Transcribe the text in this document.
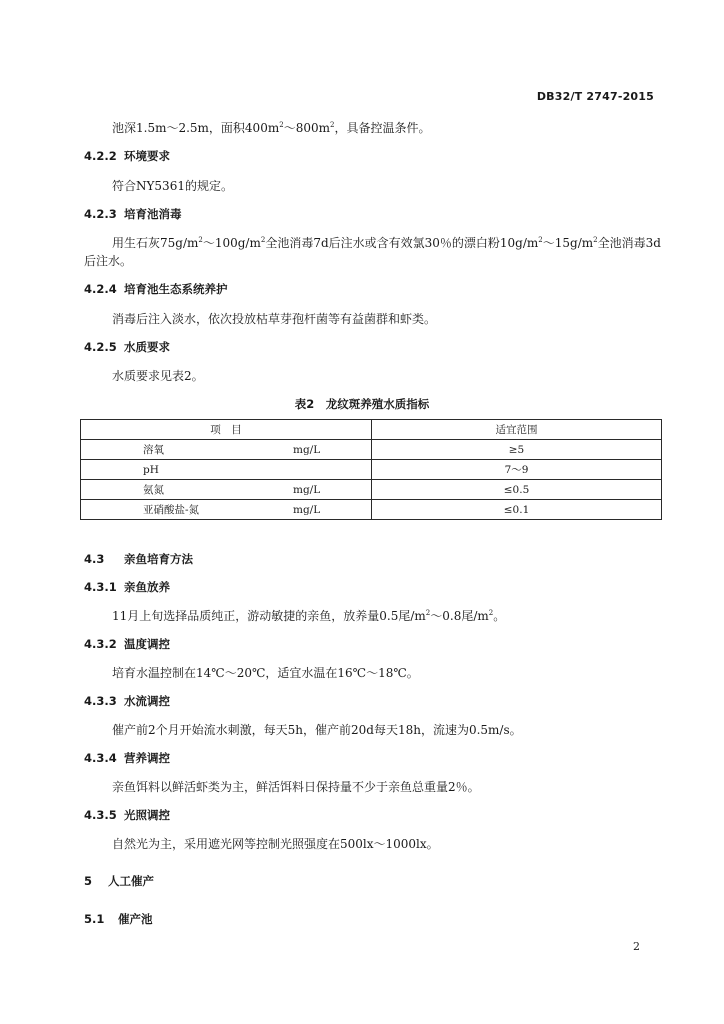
DB32/T 2747-2015
池深1.5m～2.5m，面积$400m^2\sim 800m^2$，具备控温条件。
4.2.2 环境要求
符合NY5361的规定。
4.2.3 培育池消毒
用生石灰$75g/m^2\sim 100g/m^2$全池消毒7d后注水或含有效氯30％的漂白粉$10g/m^2\sim 15g/m^2$全池消毒3d
后注水。
4.2.4 培育池生态系统养护
消毒后注入淡水，依次投放枯草芽孢杆菌等有益菌群和虾类。
4.2.5 水质要求
水质要求见表2。
表2　龙纹斑养殖水质指标
项　目	适宜范围
溶氧 mg/L	≥5
pH	7～9
氨氮 mg/L	≤0.5
亚硝酸盐-氮 mg/L	≤0.1
4.3 亲鱼培育方法
4.3.1 亲鱼放养
11月上旬选择品质纯正，游动敏捷的亲鱼，放养量0.5尾$/m^2\sim 0.8$尾$/m^2$。
4.3.2 温度调控
培育水温控制在14℃～20℃，适宜水温在16℃～18℃。
4.3.3 水流调控
催产前2个月开始流水刺激，每天5h，催产前20d每天18h，流速为0.5m/s。
4.3.4 营养调控
亲鱼饵料以鲜活虾类为主，鲜活饵料日保持量不少于亲鱼总重量2％。
4.3.5 光照调控
自然光为主，采用遮光网等控制光照强度在500lx～1000lx。
5 人工催产
5.1 催产池
2
